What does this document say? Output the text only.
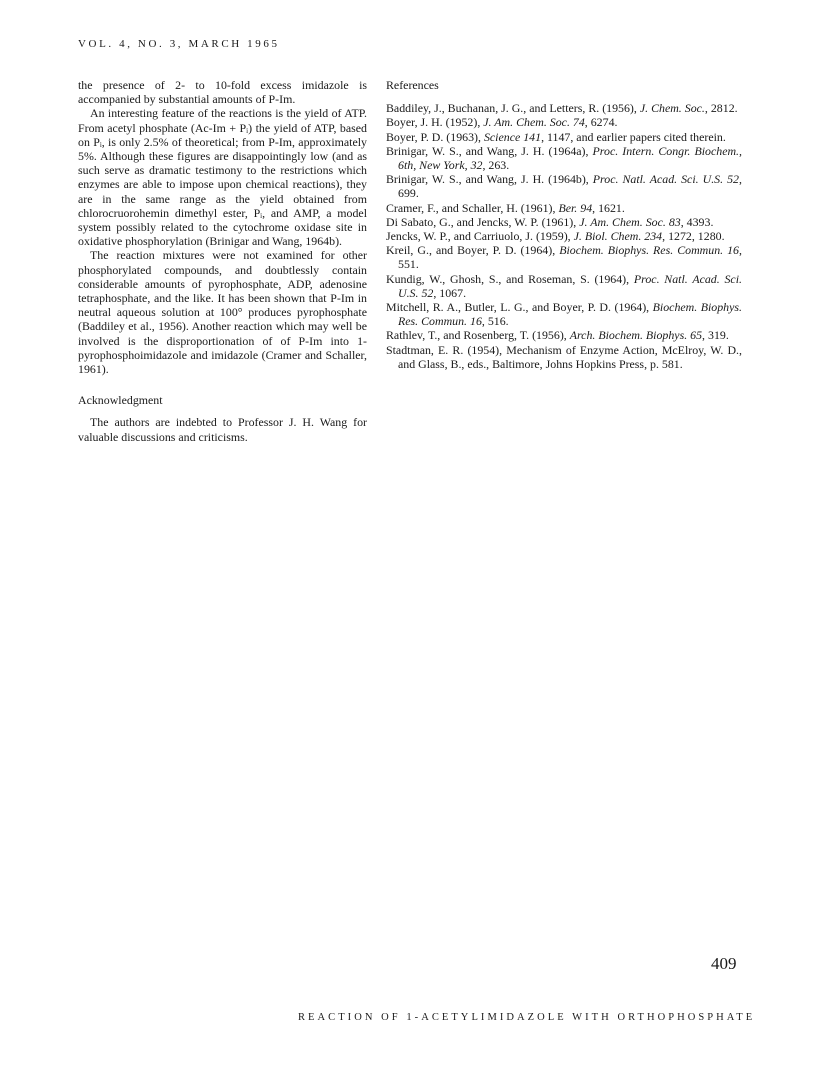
VOL. 4, NO. 3, MARCH 1965

the presence of 2- to 10-fold excess imidazole is accompanied by substantial amounts of P-Im.

An interesting feature of the reactions is the yield of ATP. From acetyl phosphate (Ac-Im + Pᵢ) the yield of ATP, based on Pᵢ, is only 2.5% of theoretical; from P-Im, approximately 5%. Although these figures are disappointingly low (and as such serve as dramatic testimony to the restrictions which enzymes are able to impose upon chemical reactions), they are in the same range as the yield obtained from chlorocruorohemin dimethyl ester, Pᵢ, and AMP, a model system possibly related to the cytochrome oxidase site in oxidative phosphorylation (Brinigar and Wang, 1964b).

The reaction mixtures were not examined for other phosphorylated compounds, and doubtlessly contain considerable amounts of pyrophosphate, ADP, adenosine tetraphosphate, and the like. It has been shown that P-Im in neutral aqueous solution at 100° produces pyrophosphate (Baddiley et al., 1956). Another reaction which may well be involved is the disproportionation of of P-Im into 1-pyrophosphoimidazole and imidazole (Cramer and Schaller, 1961).

Acknowledgment

The authors are indebted to Professor J. H. Wang for valuable discussions and criticisms.

References

Baddiley, J., Buchanan, J. G., and Letters, R. (1956), J. Chem. Soc., 2812.

Boyer, J. H. (1952), J. Am. Chem. Soc. 74, 6274.

Boyer, P. D. (1963), Science 141, 1147, and earlier papers cited therein.

Brinigar, W. S., and Wang, J. H. (1964a), Proc. Intern. Congr. Biochem., 6th, New York, 32, 263.

Brinigar, W. S., and Wang, J. H. (1964b), Proc. Natl. Acad. Sci. U.S. 52, 699.

Cramer, F., and Schaller, H. (1961), Ber. 94, 1621.

Di Sabato, G., and Jencks, W. P. (1961), J. Am. Chem. Soc. 83, 4393.

Jencks, W. P., and Carriuolo, J. (1959), J. Biol. Chem. 234, 1272, 1280.

Kreil, G., and Boyer, P. D. (1964), Biochem. Biophys. Res. Commun. 16, 551.

Kundig, W., Ghosh, S., and Roseman, S. (1964), Proc. Natl. Acad. Sci. U.S. 52, 1067.

Mitchell, R. A., Butler, L. G., and Boyer, P. D. (1964), Biochem. Biophys. Res. Commun. 16, 516.

Rathlev, T., and Rosenberg, T. (1956), Arch. Biochem. Biophys. 65, 319.

Stadtman, E. R. (1954), Mechanism of Enzyme Action, McElroy, W. D., and Glass, B., eds., Baltimore, Johns Hopkins Press, p. 581.

409
REACTION OF 1-ACETYLIMIDAZOLE WITH ORTHOPHOSPHATE
